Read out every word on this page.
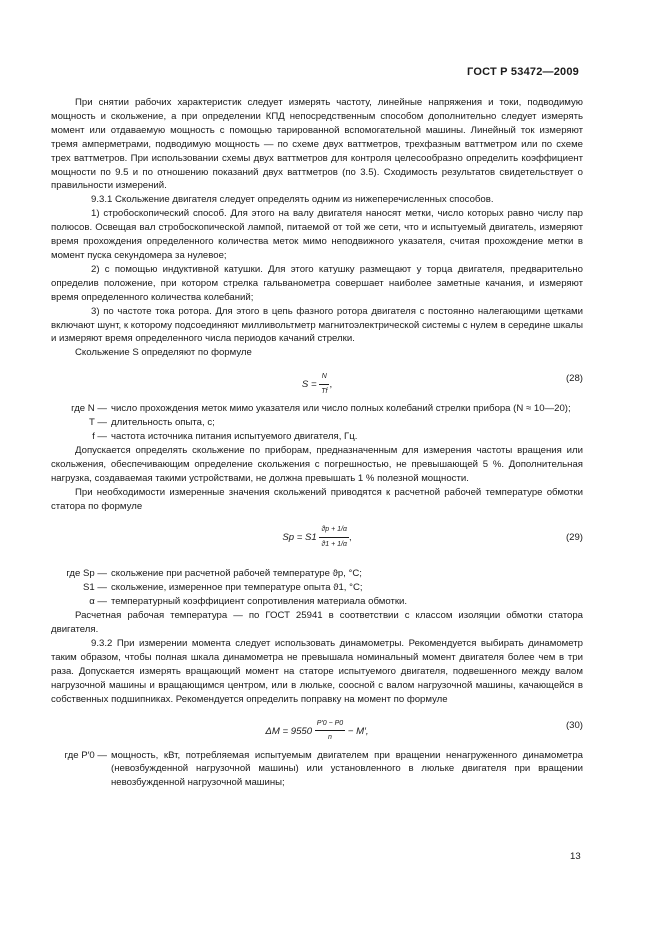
ГОСТ Р 53472—2009

При снятии рабочих характеристик следует измерять частоту, линейные напряжения и токи, подводимую мощность и скольжение, а при определении КПД непосредственным способом дополнительно следует измерять момент или отдаваемую мощность с помощью тарированной вспомогательной машины. Линейный ток измеряют тремя амперметрами, подводимую мощность — по схеме двух ваттметров, трехфазным ваттметром или по схеме трех ваттметров. При использовании схемы двух ваттметров для контроля целесообразно определить коэффициент мощности по 9.5 и по отношению показаний двух ваттметров (по 3.5). Сходимость результатов свидетельствует о правильности измерений.

9.3.1 Скольжение двигателя следует определять одним из нижеперечисленных способов.

1) стробоскопический способ. Для этого на валу двигателя наносят метки, число которых равно числу пар полюсов. Освещая вал стробоскопической лампой, питаемой от той же сети, что и испытуемый двигатель, измеряют время прохождения определенного количества меток мимо неподвижного указателя, считая прохождение метки в момент пуска секундомера за нулевое;

2) с помощью индуктивной катушки. Для этого катушку размещают у торца двигателя, предварительно определив положение, при котором стрелка гальванометра совершает наиболее заметные качания, и измеряют время определенного количества колебаний;

3) по частоте тока ротора. Для этого в цепь фазного ротора двигателя с постоянно налегающими щетками включают шунт, к которому подсоединяют милливольтметр магнитоэлектрической системы с нулем в середине шкалы и измеряют время определенного числа периодов качаний стрелки.

Скольжение S определяют по формуле

$S = \frac{N}{Tf}$ ,
(28)
где N — число прохождения меток мимо указателя или число полных колебаний стрелки прибора (N ≈ 10—20);
T — длительность опыта, с;
f — частота источника питания испытуемого двигателя, Гц.

Допускается определять скольжение по приборам, предназначенным для измерения частоты вращения или скольжения, обеспечивающим определение скольжения с погрешностью, не превышающей 5 %. Дополнительная нагрузка, создаваемая такими устройствами, не должна превышать 1 % полезной мощности.

При необходимости измеренные значения скольжений приводятся к расчетной рабочей температуре обмотки статора по формуле

$Sp = S1 \frac{ϑp + 1/\alpha}{ϑ1 + 1/\alpha}$ ,	(29)
где Sp — скольжение при расчетной рабочей температуре ϑp, °С;
S1 — скольжение, измеренное при температуре опыта ϑ1, °С;
α — температурный коэффициент сопротивления материала обмотки.

Расчетная рабочая температура — по ГОСТ 25941 в соответствии с классом изоляции обмотки статора двигателя.

9.3.2 При измерении момента следует использовать динамометры. Рекомендуется выбирать динамометр таким образом, чтобы полная шкала динамометра не превышала номинальный момент двигателя более чем в три раза. Допускается измерять вращающий момент на статоре испытуемого двигателя, подвешенного между валом нагрузочной машины и вращающимся центром, или в люльке, соосной с валом нагрузочной машины, качающейся в собственных подшипниках. Рекомендуется определить поправку на момент по формуле

$\Delta M = 9550 \frac{P'0 - P0}{n} - M'$,
(30)
где P′0 — мощность, кВт, потребляемая испытуемым двигателем при вращении ненагруженного динамометра (невозбужденной нагрузочной машины) или установленного в люльке двигателя при вращении невозбужденной нагрузочной машины;
13
